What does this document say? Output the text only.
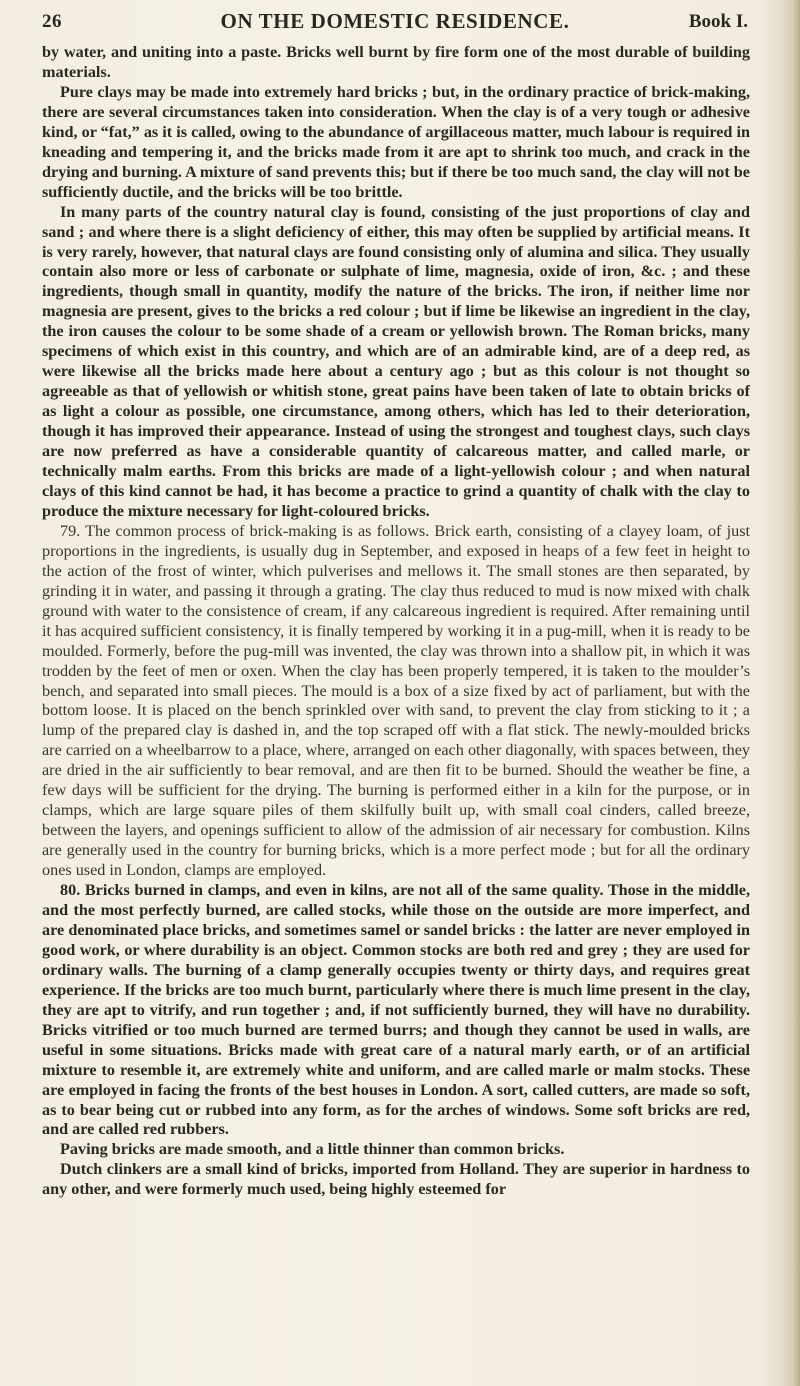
26	ON THE DOMESTIC RESIDENCE.	Book I.

by water, and uniting into a paste. Bricks well burnt by fire form one of the most durable of building materials.

Pure clays may be made into extremely hard bricks ; but, in the ordinary practice of brick-making, there are several circumstances taken into consideration. When the clay is of a very tough or adhesive kind, or “fat,” as it is called, owing to the abundance of argillaceous matter, much labour is required in kneading and tempering it, and the bricks made from it are apt to shrink too much, and crack in the drying and burning. A mixture of sand prevents this; but if there be too much sand, the clay will not be sufficiently ductile, and the bricks will be too brittle.

In many parts of the country natural clay is found, consisting of the just proportions of clay and sand ; and where there is a slight deficiency of either, this may often be supplied by artificial means. It is very rarely, however, that natural clays are found consisting only of alumina and silica. They usually contain also more or less of carbonate or sulphate of lime, magnesia, oxide of iron, &c. ; and these ingredients, though small in quantity, modify the nature of the bricks. The iron, if neither lime nor magnesia are present, gives to the bricks a red colour ; but if lime be likewise an ingredient in the clay, the iron causes the colour to be some shade of a cream or yellowish brown. The Roman bricks, many specimens of which exist in this country, and which are of an admirable kind, are of a deep red, as were likewise all the bricks made here about a century ago ; but as this colour is not thought so agreeable as that of yellowish or whitish stone, great pains have been taken of late to obtain bricks of as light a colour as possible, one circumstance, among others, which has led to their deterioration, though it has improved their appearance. Instead of using the strongest and toughest clays, such clays are now preferred as have a considerable quantity of calcareous matter, and called marle, or technically malm earths. From this bricks are made of a light-yellowish colour ; and when natural clays of this kind cannot be had, it has become a practice to grind a quantity of chalk with the clay to produce the mixture necessary for light-coloured bricks.

79. The common process of brick-making is as follows. Brick earth, consisting of a clayey loam, of just proportions in the ingredients, is usually dug in September, and exposed in heaps of a few feet in height to the action of the frost of winter, which pulverises and mellows it. The small stones are then separated, by grinding it in water, and passing it through a grating. The clay thus reduced to mud is now mixed with chalk ground with water to the consistence of cream, if any calcareous ingredient is required. After remaining until it has acquired sufficient consistency, it is finally tempered by working it in a pug-mill, when it is ready to be moulded. Formerly, before the pug-mill was invented, the clay was thrown into a shallow pit, in which it was trodden by the feet of men or oxen. When the clay has been properly tempered, it is taken to the moulder’s bench, and separated into small pieces. The mould is a box of a size fixed by act of parliament, but with the bottom loose. It is placed on the bench sprinkled over with sand, to prevent the clay from sticking to it ; a lump of the prepared clay is dashed in, and the top scraped off with a flat stick. The newly-moulded bricks are carried on a wheelbarrow to a place, where, arranged on each other diagonally, with spaces between, they are dried in the air sufficiently to bear removal, and are then fit to be burned. Should the weather be fine, a few days will be sufficient for the drying. The burning is performed either in a kiln for the purpose, or in clamps, which are large square piles of them skilfully built up, with small coal cinders, called breeze, between the layers, and openings sufficient to allow of the admission of air necessary for combustion. Kilns are generally used in the country for burning bricks, which is a more perfect mode ; but for all the ordinary ones used in London, clamps are employed.

80. Bricks burned in clamps, and even in kilns, are not all of the same quality. Those in the middle, and the most perfectly burned, are called stocks, while those on the outside are more imperfect, and are denominated place bricks, and sometimes samel or sandel bricks : the latter are never employed in good work, or where durability is an object. Common stocks are both red and grey ; they are used for ordinary walls. The burning of a clamp generally occupies twenty or thirty days, and requires great experience. If the bricks are too much burnt, particularly where there is much lime present in the clay, they are apt to vitrify, and run together ; and, if not sufficiently burned, they will have no durability. Bricks vitrified or too much burned are termed burrs; and though they cannot be used in walls, are useful in some situations. Bricks made with great care of a natural marly earth, or of an artificial mixture to resemble it, are extremely white and uniform, and are called marle or malm stocks. These are employed in facing the fronts of the best houses in London. A sort, called cutters, are made so soft, as to bear being cut or rubbed into any form, as for the arches of windows. Some soft bricks are red, and are called red rubbers.

Paving bricks are made smooth, and a little thinner than common bricks.

Dutch clinkers are a small kind of bricks, imported from Holland. They are superior in hardness to any other, and were formerly much used, being highly esteemed for
